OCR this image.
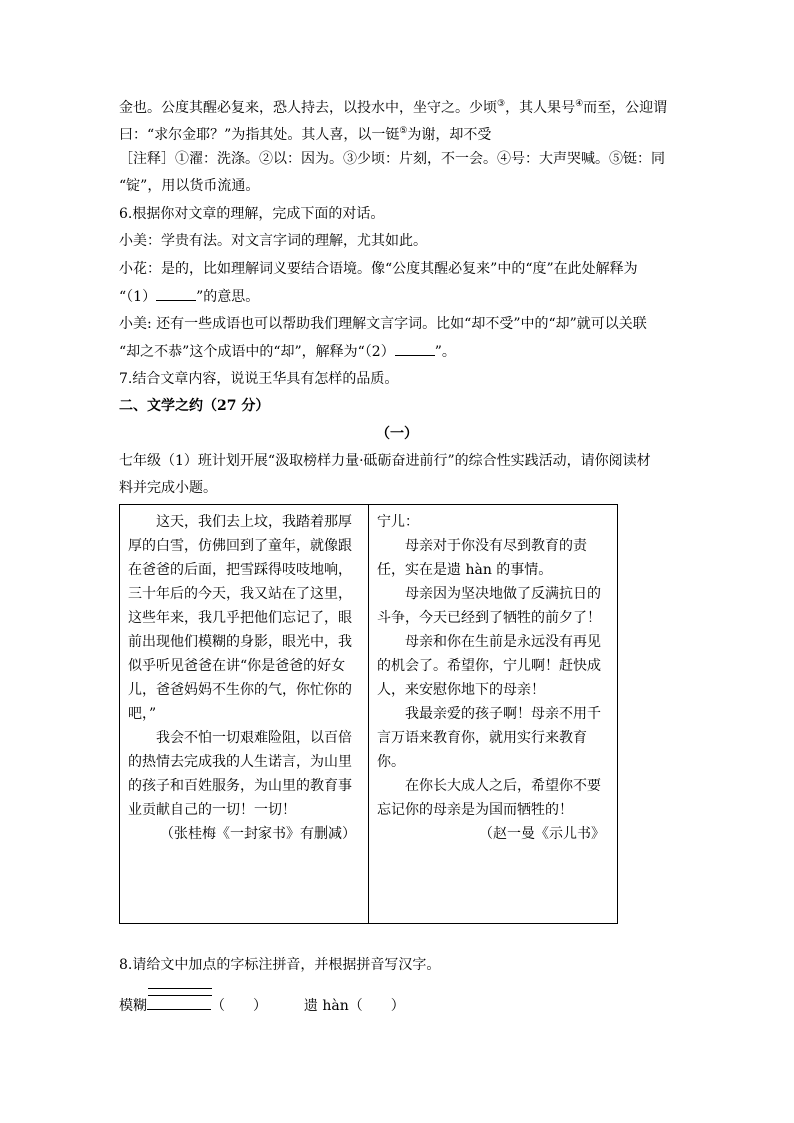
金也。公度其醒必复来，恐人持去，以投水中，坐守之。少顷③，其人果号④而至，公迎谓
曰：“求尔金耶？”为指其处。其人喜，以一铤⑤为谢，却不受
［注释］①濯：洗涤。②以：因为。③少顷：片刻，不一会。④号：大声哭喊。⑤铤：同
“锭”，用以货币流通。
6.根据你对文章的理解，完成下面的对话。
小美：学贵有法。对文言字词的理解，尤其如此。
小花：是的，比如理解词义要结合语境。像“公度其醒必复来”中的“度”在此处解释为
“（1）	”的意思。
小美: 还有一些成语也可以帮助我们理解文言字词。比如“却不受”中的“却”就可以关联
“却之不恭”这个成语中的“却”，解释为“（2）	”。
7.结合文章内容，说说王华具有怎样的品质。
二、文学之约（27 分）
（一）
七年级（1）班计划开展“汲取榜样力量·砥砺奋进前行”的综合性实践活动，请你阅读材
料并完成小题。

这天，我们去上坟，我踏着那厚厚的白雪，仿佛回到了童年，就像跟在爸爸的后面，把雪踩得吱吱地响，三十年后的今天，我又站在了这里，这些年来，我几乎把他们忘记了，眼前出现他们模糊的身影，眼光中，我似乎听见爸爸在讲“你是爸爸的好女儿，爸爸妈妈不生你的气，你忙你的吧，”

我会不怕一切艰难险阻，以百倍的热情去完成我的人生诺言，为山里的孩子和百姓服务，为山里的教育事业贡献自己的一切！一切！

（张桂梅《一封家书》有删减）

宁儿：

母亲对于你没有尽到教育的责任，实在是遗 hàn 的事情。

母亲因为坚决地做了反满抗日的斗争，今天已经到了牺牲的前夕了！

母亲和你在生前是永远没有再见的机会了。希望你，宁儿啊！赶快成人，来安慰你地下的母亲！

我最亲爱的孩子啊！母亲不用千言万语来教育你，就用实行来教育你。

在你长大成人之后，希望你不要忘记你的母亲是为国而牺牲的！

（赵一曼《示儿书》

8.请给文中加点的字标注拼音，并根据拼音写汉字。
模糊	（　　）	遗 hàn（　　）
